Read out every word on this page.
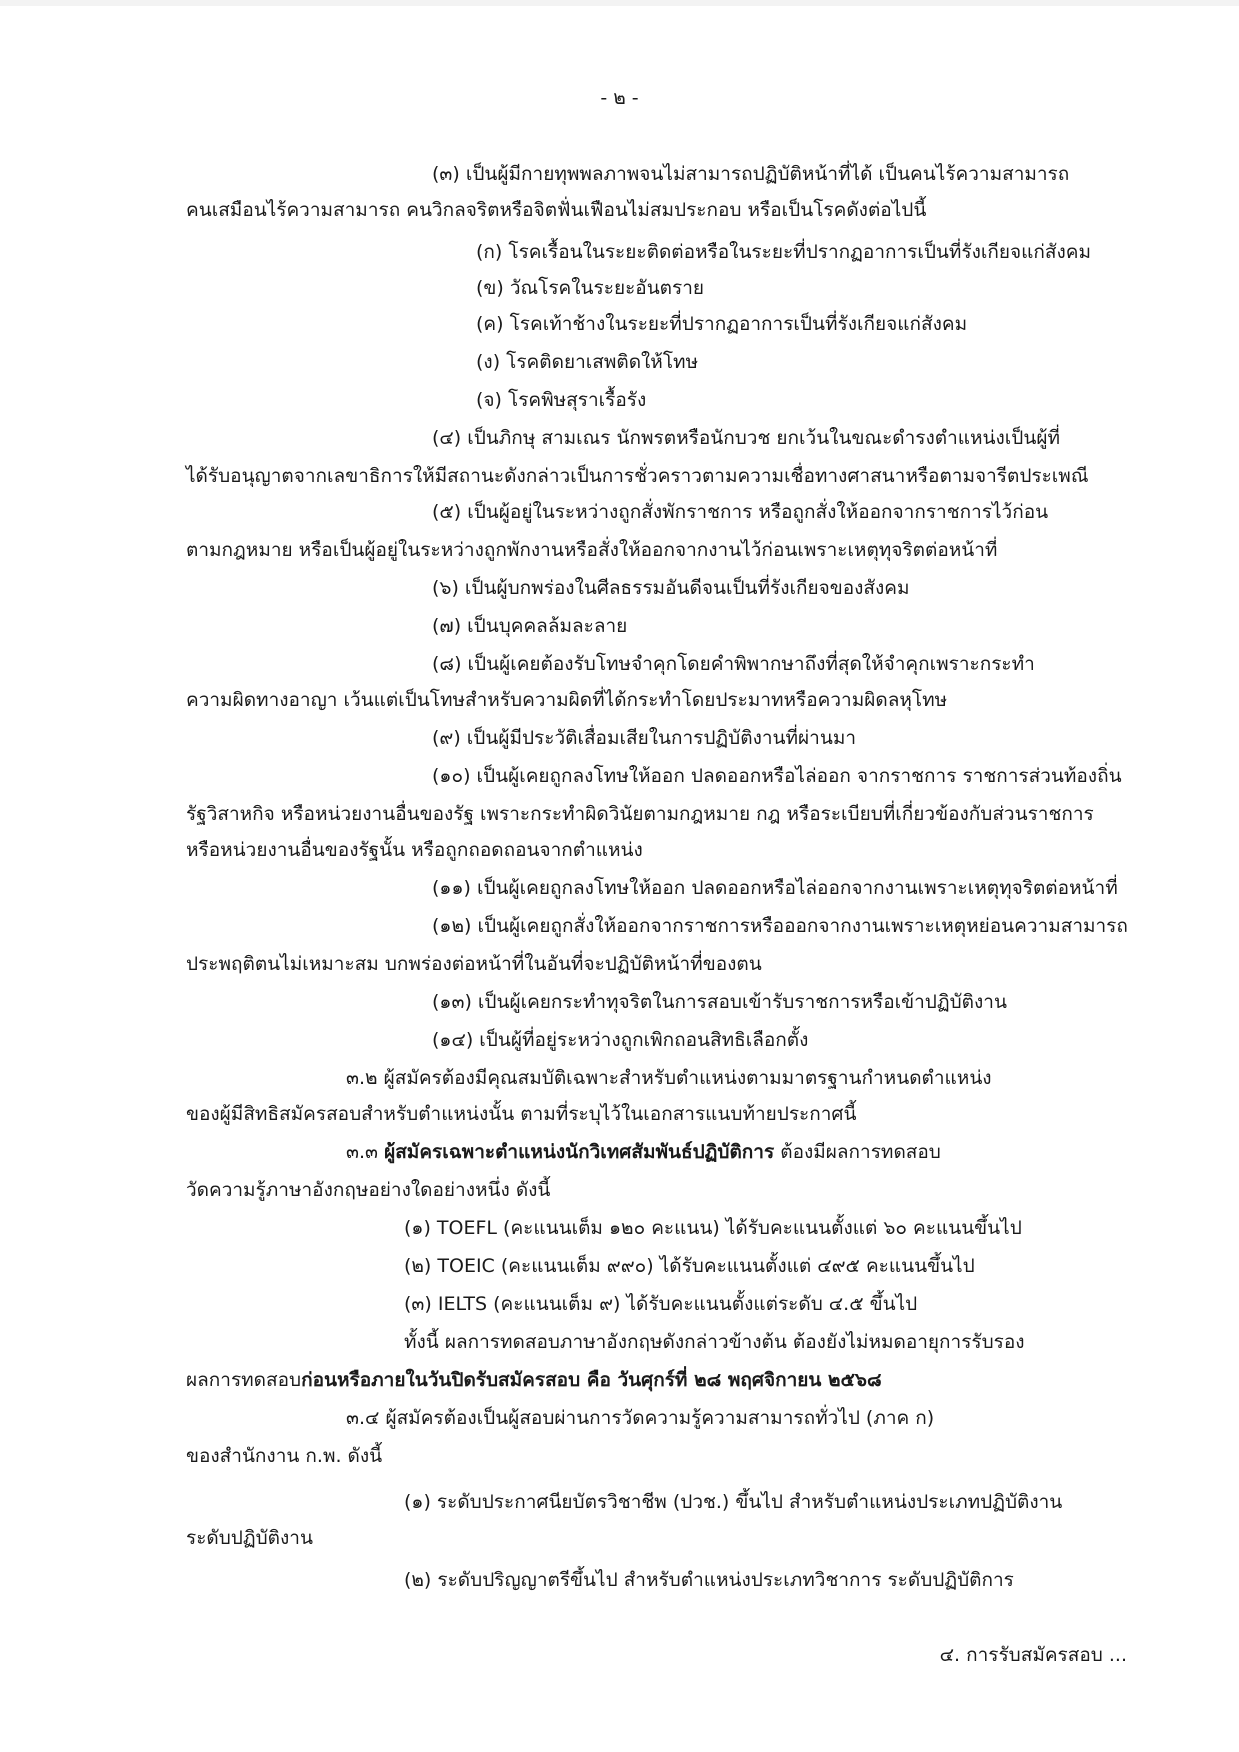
- ๒ -
(๓) เป็นผู้มีกายทุพพลภาพจนไม่สามารถปฏิบัติหน้าที่ได้ เป็นคนไร้ความสามารถ
คนเสมือนไร้ความสามารถ คนวิกลจริตหรือจิตฟั่นเฟือนไม่สมประกอบ หรือเป็นโรคดังต่อไปนี้
(ก) โรคเรื้อนในระยะติดต่อหรือในระยะที่ปรากฏอาการเป็นที่รังเกียจแก่สังคม
(ข) วัณโรคในระยะอันตราย
(ค) โรคเท้าช้างในระยะที่ปรากฏอาการเป็นที่รังเกียจแก่สังคม
(ง) โรคติดยาเสพติดให้โทษ
(จ) โรคพิษสุราเรื้อรัง
(๔) เป็นภิกษุ สามเณร นักพรตหรือนักบวช ยกเว้นในขณะดำรงตำแหน่งเป็นผู้ที่
ได้รับอนุญาตจากเลขาธิการให้มีสถานะดังกล่าวเป็นการชั่วคราวตามความเชื่อทางศาสนาหรือตามจารีตประเพณี
(๕) เป็นผู้อยู่ในระหว่างถูกสั่งพักราชการ หรือถูกสั่งให้ออกจากราชการไว้ก่อน
ตามกฎหมาย หรือเป็นผู้อยู่ในระหว่างถูกพักงานหรือสั่งให้ออกจากงานไว้ก่อนเพราะเหตุทุจริตต่อหน้าที่
(๖) เป็นผู้บกพร่องในศีลธรรมอันดีจนเป็นที่รังเกียจของสังคม
(๗) เป็นบุคคลล้มละลาย
(๘) เป็นผู้เคยต้องรับโทษจำคุกโดยคำพิพากษาถึงที่สุดให้จำคุกเพราะกระทำ
ความผิดทางอาญา เว้นแต่เป็นโทษสำหรับความผิดที่ได้กระทำโดยประมาทหรือความผิดลหุโทษ
(๙) เป็นผู้มีประวัติเสื่อมเสียในการปฏิบัติงานที่ผ่านมา
(๑๐) เป็นผู้เคยถูกลงโทษให้ออก ปลดออกหรือไล่ออก จากราชการ ราชการส่วนท้องถิ่น
รัฐวิสาหกิจ หรือหน่วยงานอื่นของรัฐ เพราะกระทำผิดวินัยตามกฎหมาย กฎ หรือระเบียบที่เกี่ยวข้องกับส่วนราชการ
หรือหน่วยงานอื่นของรัฐนั้น หรือถูกถอดถอนจากตำแหน่ง
(๑๑) เป็นผู้เคยถูกลงโทษให้ออก ปลดออกหรือไล่ออกจากงานเพราะเหตุทุจริตต่อหน้าที่
(๑๒) เป็นผู้เคยถูกสั่งให้ออกจากราชการหรือออกจากงานเพราะเหตุหย่อนความสามารถ
ประพฤติตนไม่เหมาะสม บกพร่องต่อหน้าที่ในอันที่จะปฏิบัติหน้าที่ของตน
(๑๓) เป็นผู้เคยกระทำทุจริตในการสอบเข้ารับราชการหรือเข้าปฏิบัติงาน
(๑๔) เป็นผู้ที่อยู่ระหว่างถูกเพิกถอนสิทธิเลือกตั้ง
๓.๒ ผู้สมัครต้องมีคุณสมบัติเฉพาะสำหรับตำแหน่งตามมาตรฐานกำหนดตำแหน่ง
ของผู้มีสิทธิสมัครสอบสำหรับตำแหน่งนั้น ตามที่ระบุไว้ในเอกสารแนบท้ายประกาศนี้
๓.๓ ผู้สมัครเฉพาะตำแหน่งนักวิเทศสัมพันธ์ปฏิบัติการ ต้องมีผลการทดสอบ
วัดความรู้ภาษาอังกฤษอย่างใดอย่างหนึ่ง ดังนี้
(๑) TOEFL (คะแนนเต็ม ๑๒๐ คะแนน) ได้รับคะแนนตั้งแต่ ๖๐ คะแนนขึ้นไป
(๒) TOEIC (คะแนนเต็ม ๙๙๐) ได้รับคะแนนตั้งแต่ ๔๙๕ คะแนนขึ้นไป
(๓) IELTS (คะแนนเต็ม ๙) ได้รับคะแนนตั้งแต่ระดับ ๔.๕ ขึ้นไป
ทั้งนี้ ผลการทดสอบภาษาอังกฤษดังกล่าวข้างต้น ต้องยังไม่หมดอายุการรับรอง
ผลการทดสอบก่อนหรือภายในวันปิดรับสมัครสอบ คือ วันศุกร์ที่ ๒๘ พฤศจิกายน ๒๕๖๘
๓.๔ ผู้สมัครต้องเป็นผู้สอบผ่านการวัดความรู้ความสามารถทั่วไป (ภาค ก)
ของสำนักงาน ก.พ. ดังนี้
(๑) ระดับประกาศนียบัตรวิชาชีพ (ปวช.) ขึ้นไป สำหรับตำแหน่งประเภทปฏิบัติงาน
ระดับปฏิบัติงาน
(๒) ระดับปริญญาตรีขึ้นไป สำหรับตำแหน่งประเภทวิชาการ ระดับปฏิบัติการ
๔. การรับสมัครสอบ ...
